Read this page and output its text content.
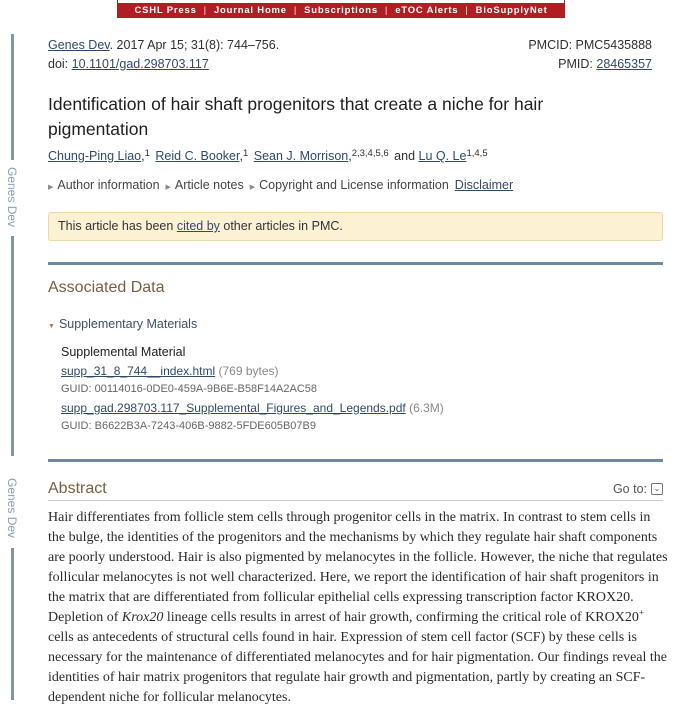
CSHL Press | Journal Home | Subscriptions | eTOC Alerts | BioSupplyNet
Genes Dev
Genes Dev
Genes Dev. 2017 Apr 15; 31(8): 744–756.
doi: 10.1101/gad.298703.117
PMCID: PMC5435888
PMID: 28465357
Identification of hair shaft progenitors that create a niche for hair pigmentation
Chung-Ping Liao,$^1$ Reid C. Booker,$^1$ Sean J. Morrison,$^{2,3,4,5,6}$ and Lu Q. Le$^{1,4,5}$
▶ Author information ▶ Article notes ▶ Copyright and License information Disclaimer
This article has been cited by other articles in PMC.
Associated Data
▼ Supplementary Materials
Supplemental Material
supp_31_8_744__index.html (769 bytes)
GUID: 00114016-0DE0-459A-9B6E-B58F14A2AC58
supp_gad.298703.117_Supplemental_Figures_and_Legends.pdf (6.3M)
GUID: B6622B3A-7243-406B-9882-5FDE605B07B9
Abstract	Go to: ⌄
Hair differentiates from follicle stem cells through progenitor cells in the matrix. In contrast to stem cells in the bulge, the identities of the progenitors and the mechanisms by which they regulate hair shaft components are poorly understood. Hair is also pigmented by melanocytes in the follicle. However, the niche that regulates follicular melanocytes is not well characterized. Here, we report the identification of hair shaft progenitors in the matrix that are differentiated from follicular epithelial cells expressing transcription factor KROX20. Depletion of Krox20 lineage cells results in arrest of hair growth, confirming the critical role of KROX20+ cells as antecedents of structural cells found in hair. Expression of stem cell factor (SCF) by these cells is necessary for the maintenance of differentiated melanocytes and for hair pigmentation. Our findings reveal the identities of hair matrix progenitors that regulate hair growth and pigmentation, partly by creating an SCF-dependent niche for follicular melanocytes.
